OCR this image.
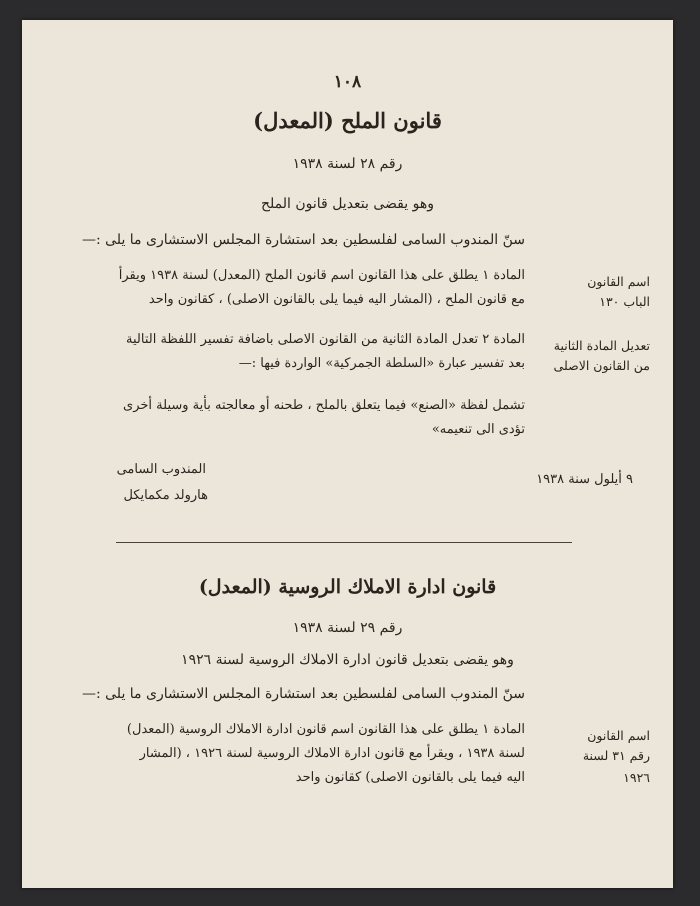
١٠٨
قانون الملح (المعدل)
رقم ٢٨ لسنة ١٩٣٨
وهو يقضى بتعديل قانون الملح
سنّ المندوب السامى لفلسطين بعد استشارة المجلس الاستشارى ما يلى :—
اسم القانون
الباب ١٣٠
المادة ١ يطلق على هذا القانون اسم قانون الملح (المعدل) لسنة ١٩٣٨ ويقرأ
مع قانون الملح ، (المشار اليه فيما يلى بالقانون الاصلى) ، كقانون واحد
تعديل المادة الثانية
من القانون الاصلى
المادة ٢ تعدل المادة الثانية من القانون الاصلى باضافة تفسير اللفظة التالية
بعد تفسير عبارة «السلطة الجمركية» الواردة فيها :—
تشمل لفظة «الصنع» فيما يتعلق بالملح ، طحنه أو معالجته بأية وسيلة أخرى
تؤدى الى تنعيمه»
٩ أيلول سنة ١٩٣٨
المندوب السامى
هارولد مكمايكل
قانون ادارة الاملاك الروسية (المعدل)
رقم ٢٩ لسنة ١٩٣٨
وهو يقضى بتعديل قانون ادارة الاملاك الروسية لسنة ١٩٢٦
سنّ المندوب السامى لفلسطين بعد استشارة المجلس الاستشارى ما يلى :—
اسم القانون
رقم ٣١ لسنة
١٩٢٦
المادة ١ يطلق على هذا القانون اسم قانون ادارة الاملاك الروسية (المعدل)
لسنة ١٩٣٨ ، ويقرأ مع قانون ادارة الاملاك الروسية لسنة ١٩٢٦ ، (المشار
اليه فيما يلى بالقانون الاصلى) كقانون واحد
